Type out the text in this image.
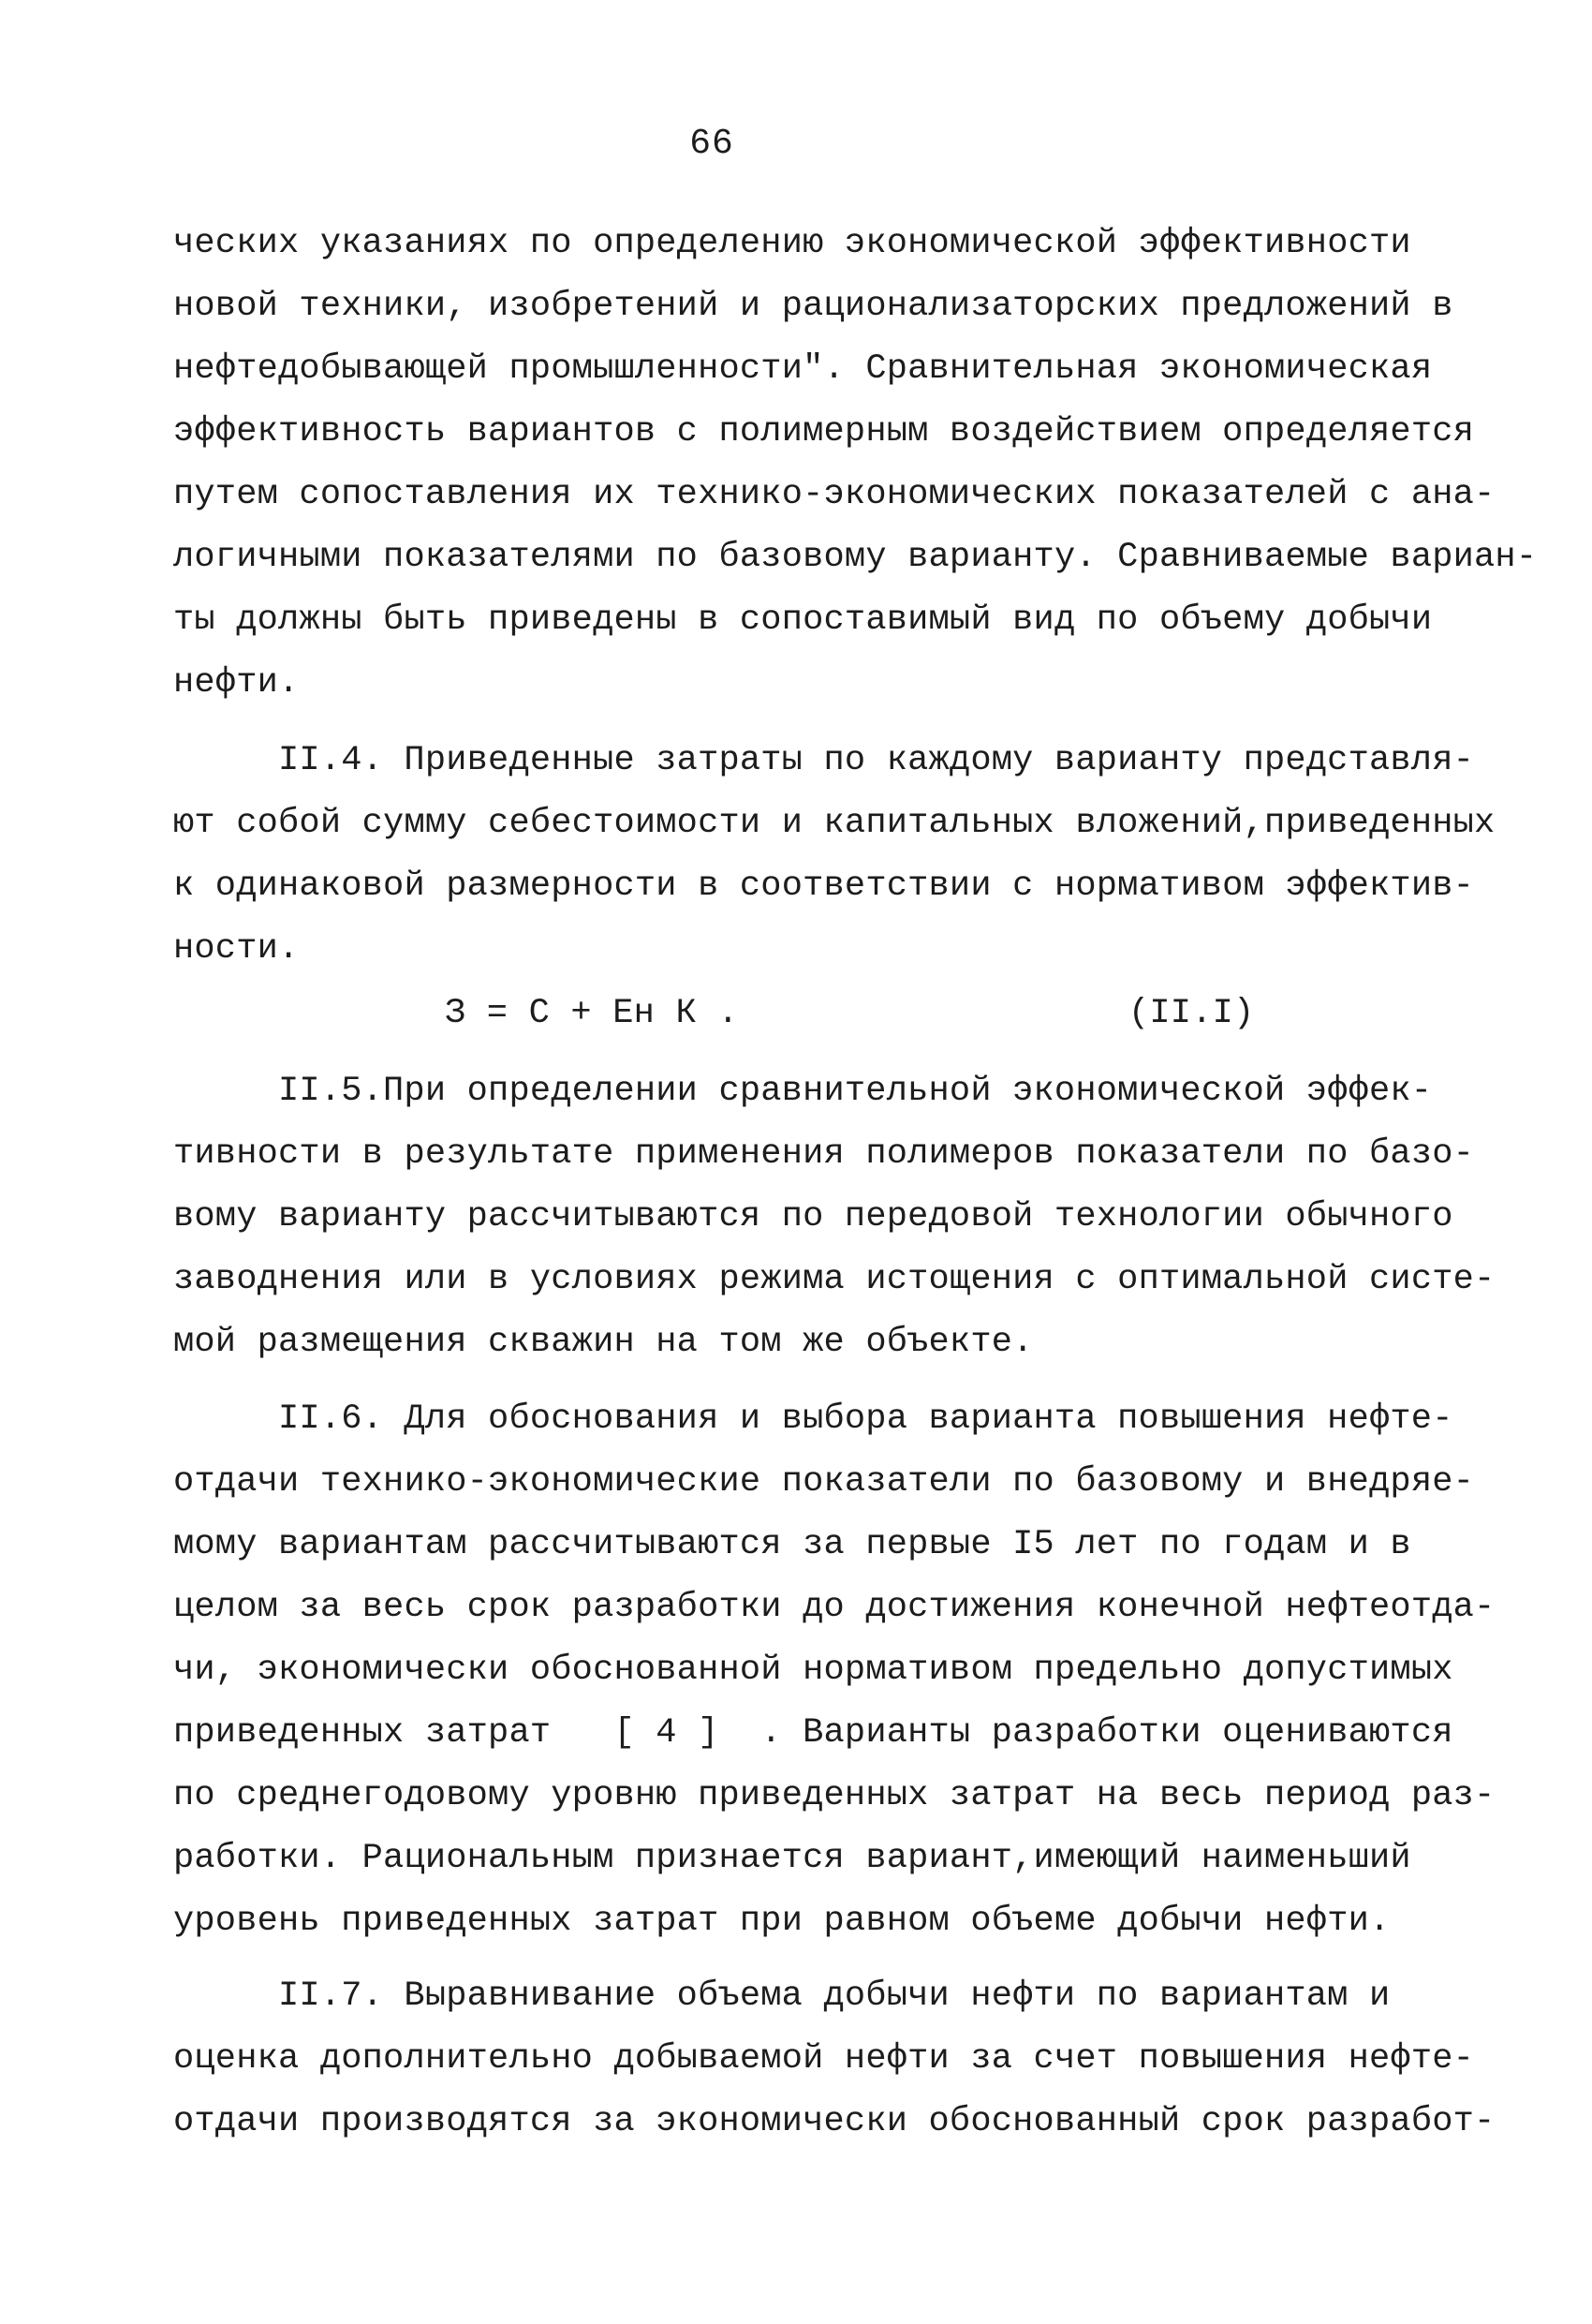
66
ческих указаниях по определению экономической эффективности
новой техники, изобретений и рационализаторских предложений в
нефтедобывающей промышленности". Сравнительная экономическая
эффективность вариантов с полимерным воздействием определяется
путем сопоставления их технико-экономических показателей с ана-
логичными показателями по базовому варианту. Сравниваемые вариан-
ты должны быть приведены в сопоставимый вид по объему добычи
нефти.
II.4. Приведенные затраты по каждому варианту представля-
ют собой сумму себестоимости и капитальных вложений,приведенных
к одинаковой размерности в соответствии с нормативом эффектив-
ности.
З = С + Ен К .	(II.I)
II.5.При определении сравнительной экономической эффек-
тивности в результате применения полимеров показатели по базо-
вому варианту рассчитываются по передовой технологии обычного
заводнения или в условиях режима истощения с оптимальной систе-
мой размещения скважин на том же объекте.
II.6. Для обоснования и выбора варианта повышения нефте-
отдачи технико-экономические показатели по базовому и внедряе-
мому вариантам рассчитываются за первые I5 лет по годам и в
целом за весь срок разработки до достижения конечной нефтеотда-
чи, экономически обоснованной нормативом предельно допустимых
приведенных затрат   [ 4 ]  . Варианты разработки оцениваются
по среднегодовому уровню приведенных затрат на весь период раз-
работки. Рациональным признается вариант,имеющий наименьший
уровень приведенных затрат при равном объеме добычи нефти.
II.7. Выравнивание объема добычи нефти по вариантам и
оценка дополнительно добываемой нефти за счет повышения нефте-
отдачи производятся за экономически обоснованный срок разработ-
